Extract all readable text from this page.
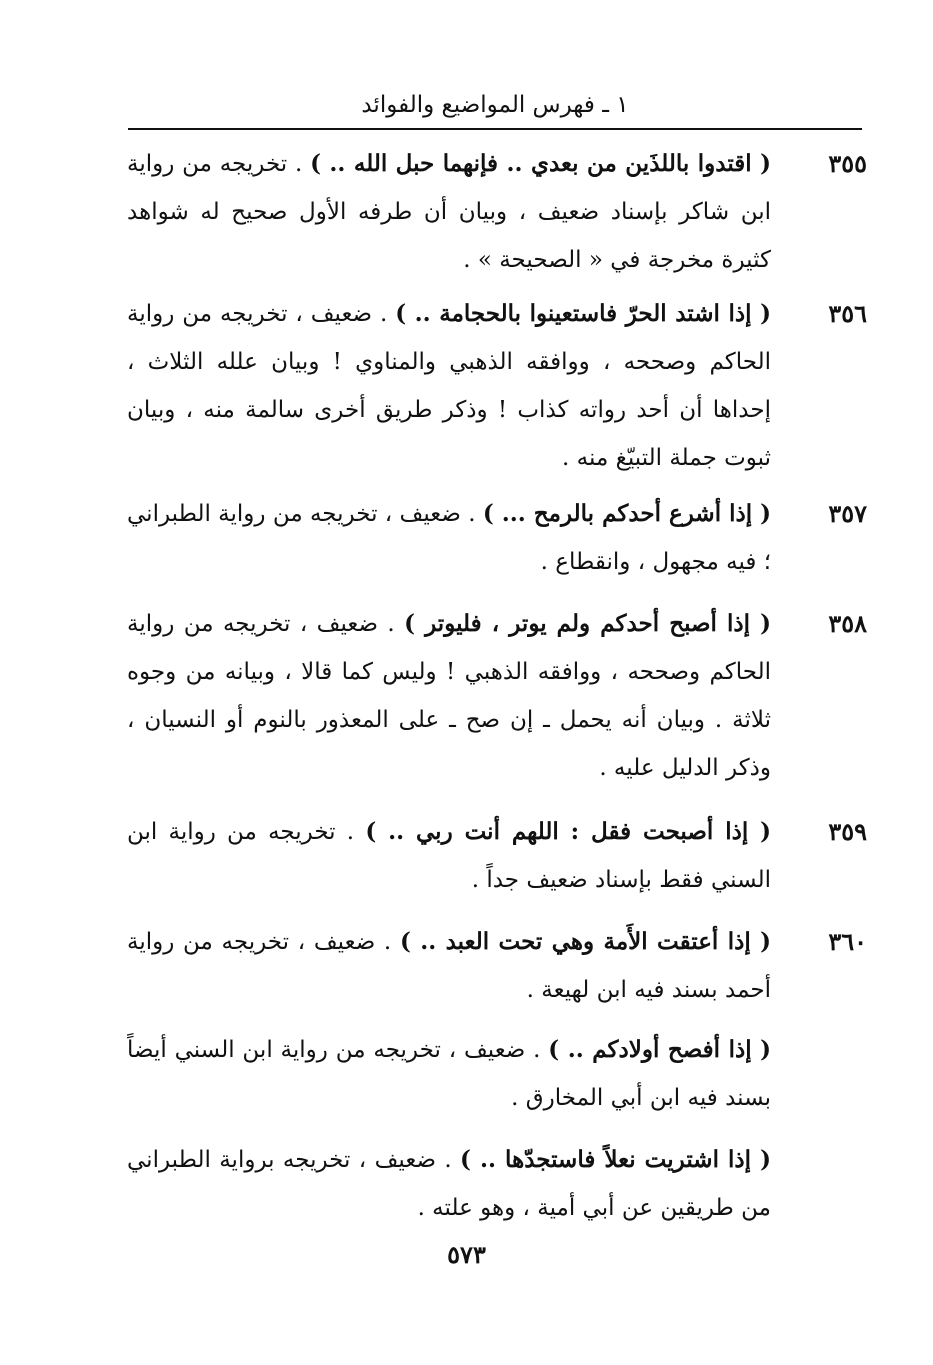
١ ـ فهرس المواضيع والفوائد
٣٥٥
( اقتدوا باللذَين من بعدي .. فإنهما حبل الله .. ) . تخريجه من رواية ابن شاكر بإسناد ضعيف ، وبيان أن طرفه الأول صحيح له شواهد كثيرة مخرجة في « الصحيحة » .
٣٥٦
( إذا اشتد الحرّ فاستعينوا بالحجامة .. ) . ضعيف ، تخريجه من رواية الحاكم وصححه ، ووافقه الذهبي والمناوي ! وبيان علله الثلاث ، إحداها أن أحد رواته كذاب ! وذكر طريق أخرى سالمة منه ، وبيان ثبوت جملة التبيّغ منه .
٣٥٧
( إذا أشرع أحدكم بالرمح ... ) . ضعيف ، تخريجه من رواية الطبراني ؛ فيه مجهول ، وانقطاع .
٣٥٨
( إذا أصبح أحدكم ولم يوتر ، فليوتر ) . ضعيف ، تخريجه من رواية الحاكم وصححه ، ووافقه الذهبي ! وليس كما قالا ، وبيانه من وجوه ثلاثة . وبيان أنه يحمل ـ إن صح ـ على المعذور بالنوم أو النسيان ، وذكر الدليل عليه .
٣٥٩
( إذا أصبحت فقل : اللهم أنت ربي .. ) . تخريجه من رواية ابن السني فقط بإسناد ضعيف جداً .
٣٦٠
( إذا أعتقت الأَمة وهي تحت العبد .. ) . ضعيف ، تخريجه من رواية أحمد بسند فيه ابن لهيعة .
( إذا أفصح أولادكم .. ) . ضعيف ، تخريجه من رواية ابن السني أيضاً بسند فيه ابن أبي المخارق .
( إذا اشتريت نعلاً فاستجدّها .. ) . ضعيف ، تخريجه برواية الطبراني من طريقين عن أبي أمية ، وهو علته .
٥٧٣
